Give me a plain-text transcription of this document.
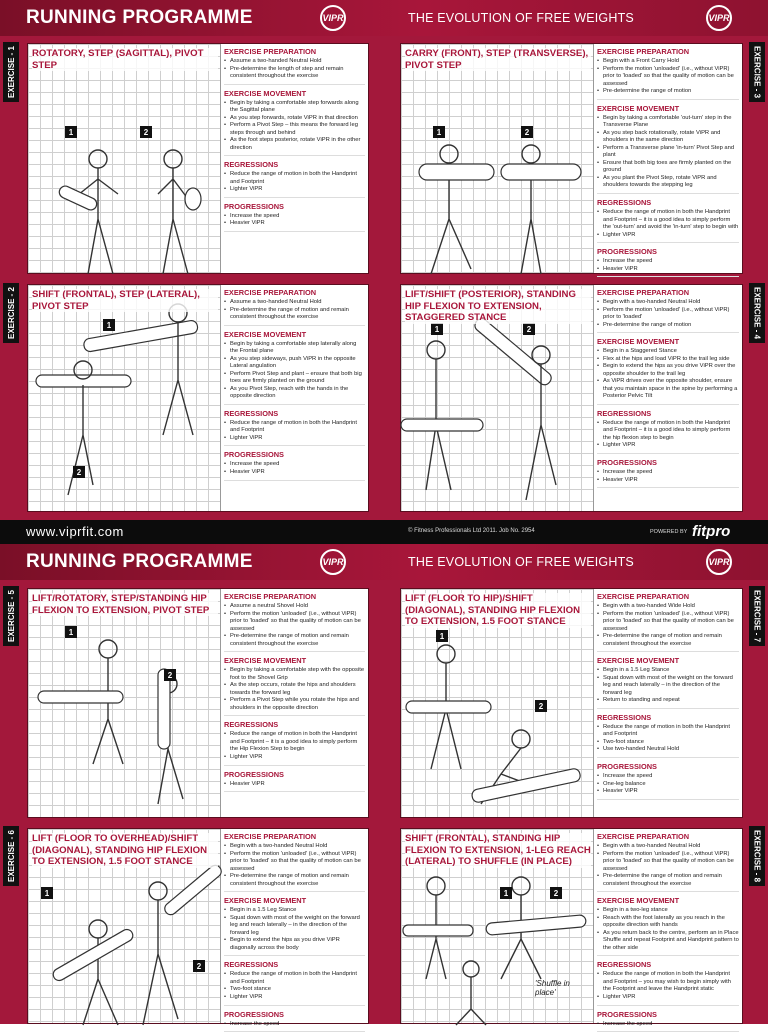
RUNNING PROGRAMME	VIPR	THE EVOLUTION OF FREE WEIGHTS	VIPR
www.viprfit.com	© Fitness Professionals Ltd 2011. Job No. 2954	POWERED BY fitpro
RUNNING PROGRAMME	VIPR	THE EVOLUTION OF FREE WEIGHTS	VIPR
EXERCISE - 1	EXERCISE - 3
EXERCISE - 2	EXERCISE - 4
EXERCISE - 5	EXERCISE - 7
EXERCISE - 6	EXERCISE - 8
1	2
ROTATORY, STEP (SAGITTAL), PIVOT STEP
EXERCISE PREPARATION
• Assume a two-handed Neutral Hold
• Pre-determine the length of step and remain consistent throughout the exercise
EXERCISE MOVEMENT
• Begin by taking a comfortable step forwards along the Sagittal plane
• As you step forwards, rotate ViPR in that direction
• Perform a Pivot Step – this means the forward leg steps through and behind
• As the foot steps posterior, rotate ViPR in the other direction
REGRESSIONS
• Reduce the range of motion in both the Handprint and Footprint
• Lighter ViPR
PROGRESSIONS
• Increase the speed
• Heavier ViPR
1	2
CARRY (FRONT), STEP (TRANSVERSE), PIVOT STEP
EXERCISE PREPARATION
• Begin with a Front Carry Hold
• Perform the motion 'unloaded' (i.e., without ViPR) prior to 'loaded' so that the quality of motion can be assessed
• Pre-determine the range of motion
EXERCISE MOVEMENT
• Begin by taking a comfortable 'out-turn' step in the Transverse Plane
• As you step back rotationally, rotate ViPR and shoulders in the same direction
• Perform a Transverse plane 'in-turn' Pivot Step and plant
• Ensure that both big toes are firmly planted on the ground
• As you plant the Pivot Step, rotate ViPR and shoulders towards the stepping leg
REGRESSIONS
• Reduce the range of motion in both the Handprint and Footprint – it is a good idea to simply perform the 'out-turn' and avoid the 'in-turn' step to begin with
• Lighter ViPR
PROGRESSIONS
• Increase the speed
• Heavier ViPR
1
2
SHIFT (FRONTAL), STEP (LATERAL), PIVOT STEP
EXERCISE PREPARATION
• Assume a two-handed Neutral Hold
• Pre-determine the range of motion and remain consistent throughout the exercise
EXERCISE MOVEMENT
• Begin by taking a comfortable step laterally along the Frontal plane
• As you step sideways, push ViPR in the opposite Lateral angulation
• Perform Pivot Step and plant – ensure that both big toes are firmly planted on the ground
• As you Pivot Step, reach with the hands in the opposite direction
REGRESSIONS
• Reduce the range of motion in both the Handprint and Footprint
• Lighter ViPR
PROGRESSIONS
• Increase the speed
• Heavier ViPR
1	2
LIFT/SHIFT (POSTERIOR), STANDING HIP FLEXION TO EXTENSION, STAGGERED STANCE
EXERCISE PREPARATION
• Begin with a two-handed Neutral Hold
• Perform the motion 'unloaded' (i.e., without ViPR) prior to 'loaded'
• Pre-determine the range of motion
EXERCISE MOVEMENT
• Begin in a Staggered Stance
• Flex at the hips and load ViPR to the trail leg side
• Begin to extend the hips as you drive ViPR over the opposite shoulder to the trail leg
• As ViPR drives over the opposite shoulder, ensure that you maintain space in the spine by performing a Posterior Pelvic Tilt
REGRESSIONS
• Reduce the range of motion in both the Handprint and Footprint – it is a good idea to simply perform the hip flexion step to begin
• Lighter ViPR
PROGRESSIONS
• Increase the speed
• Heavier ViPR
1
2
LIFT/ROTATORY, STEP/STANDING HIP FLEXION TO EXTENSION, PIVOT STEP
EXERCISE PREPARATION
• Assume a neutral Shovel Hold
• Perform the motion 'unloaded' (i.e., without ViPR) prior to 'loaded' so that the quality of motion can be assessed
• Pre-determine the range of motion and remain consistent throughout the exercise
EXERCISE MOVEMENT
• Begin by taking a comfortable step with the opposite foot to the Shovel Grip
• As the step occurs, rotate the hips and shoulders towards the forward leg
• Perform a Pivot Step while you rotate the hips and shoulders in the opposite direction
REGRESSIONS
• Reduce the range of motion in both the Handprint and Footprint – it is a good idea to simply perform the Hip Flexion Step to begin
• Lighter ViPR
PROGRESSIONS
• Heavier ViPR
1
2
LIFT (FLOOR TO HIP)/SHIFT (DIAGONAL), STANDING HIP FLEXION TO EXTENSION, 1.5 FOOT STANCE
EXERCISE PREPARATION
• Begin with a two-handed Wide Hold
• Perform the motion 'unloaded' (i.e., without ViPR) prior to 'loaded' so that the quality of motion can be assessed
• Pre-determine the range of motion and remain consistent throughout the exercise
EXERCISE MOVEMENT
• Begin in a 1.5 Leg Stance
• Squat down with most of the weight on the forward leg and reach laterally – in the direction of the forward leg
• Return to standing and repeat
REGRESSIONS
• Reduce the range of motion in both the Handprint and Footprint
• Two-foot stance
• Use two-handed Neutral Hold
PROGRESSIONS
• Increase the speed
• One-leg balance
• Heavier ViPR
1
2
LIFT (FLOOR TO OVERHEAD)/SHIFT (DIAGONAL), STANDING HIP FLEXION TO EXTENSION, 1.5 FOOT STANCE
EXERCISE PREPARATION
• Begin with a two-handed Neutral Hold
• Perform the motion 'unloaded' (i.e., without ViPR) prior to 'loaded' so that the quality of motion can be assessed
• Pre-determine the range of motion and remain consistent throughout the exercise
EXERCISE MOVEMENT
• Begin in a 1.5 Leg Stance
• Squat down with most of the weight on the forward leg and reach laterally – in the direction of the forward leg
• Begin to extend the hips as you drive ViPR diagonally across the body
REGRESSIONS
• Reduce the range of motion in both the Handprint and Footprint
• Two-foot stance
• Lighter ViPR
PROGRESSIONS
• Increase the speed
1	2
'Shuffle in place'
SHIFT (FRONTAL), STANDING HIP FLEXION TO EXTENSION, 1-LEG REACH (LATERAL) TO SHUFFLE (IN PLACE)
EXERCISE PREPARATION
• Begin with a two-handed Neutral Hold
• Perform the motion 'unloaded' (i.e., without ViPR) prior to 'loaded' so that the quality of motion can be assessed
• Pre-determine the range of motion and remain consistent throughout the exercise
EXERCISE MOVEMENT
• Begin in a two-leg stance
• Reach with the foot laterally as you reach in the opposite direction with hands
• As you return back to the centre, perform an in Place Shuffle and repeat Footprint and Handprint pattern to the other side
REGRESSIONS
• Reduce the range of motion in both the Handprint and Footprint – you may wish to begin simply with the Footprint and leave the Handprint static
• Lighter ViPR
PROGRESSIONS
• Increase the speed
